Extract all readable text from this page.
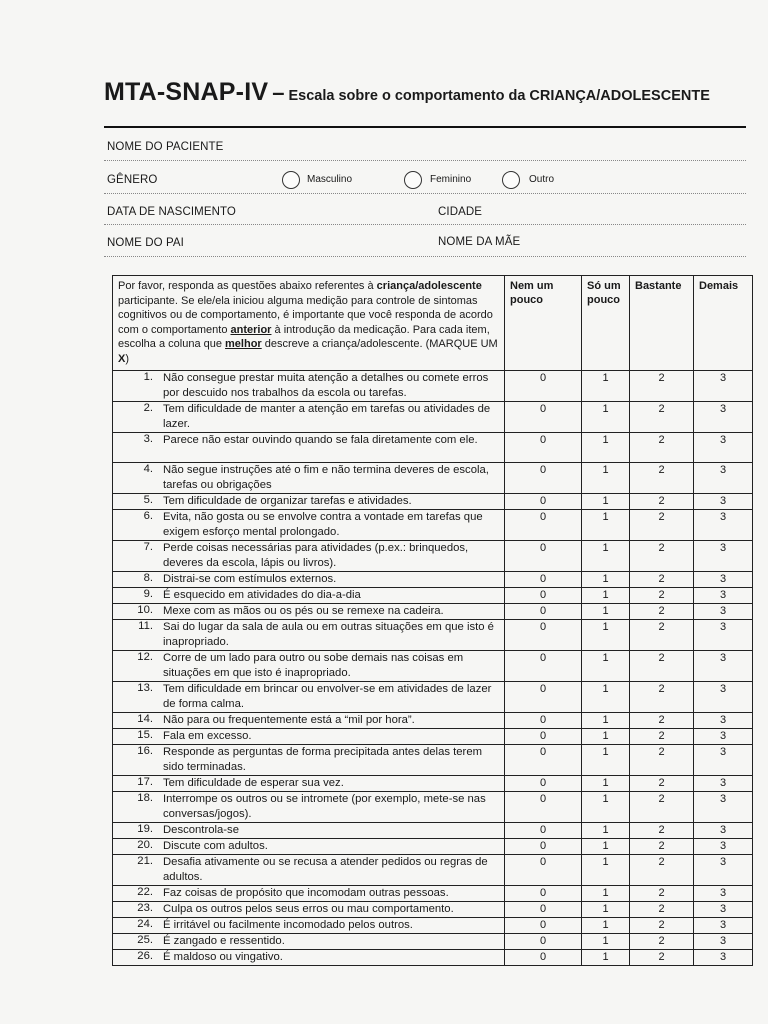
MTA-SNAP-IV – Escala sobre o comportamento da CRIANÇA/ADOLESCENTE
NOME DO PACIENTE
GÊNERO	Masculino	Feminino	Outro
DATA DE NASCIMENTO	CIDADE
NOME DO PAI	NOME DA MÃE
Por favor, responda as questões abaixo referentes à criança/adolescente participante. Se ele/ela iniciou alguma medição para controle de sintomas cognitivos ou de comportamento, é importante que você responda de acordo com o comportamento anterior à introdução da medicação. Para cada item, escolha a coluna que melhor descreve a criança/adolescente. (MARQUE UM X)	Nem um pouco	Só um pouco	Bastante	Demais
1. Não consegue prestar muita atenção a detalhes ou comete erros por descuido nos trabalhos da escola ou tarefas.	0	1	2	3
2. Tem dificuldade de manter a atenção em tarefas ou atividades de lazer.	0	1	2	3
3. Parece não estar ouvindo quando se fala diretamente com ele.	0	1	2	3
4. Não segue instruções até o fim e não termina deveres de escola, tarefas ou obrigações	0	1	2	3
5. Tem dificuldade de organizar tarefas e atividades.	0	1	2	3
6. Evita, não gosta ou se envolve contra a vontade em tarefas que exigem esforço mental prolongado.	0	1	2	3
7. Perde coisas necessárias para atividades (p.ex.: brinquedos, deveres da escola, lápis ou livros).	0	1	2	3
8. Distrai-se com estímulos externos.	0	1	2	3
9. É esquecido em atividades do dia-a-dia	0	1	2	3
10. Mexe com as mãos ou os pés ou se remexe na cadeira.	0	1	2	3
11. Sai do lugar da sala de aula ou em outras situações em que isto é inapropriado.	0	1	2	3
12. Corre de um lado para outro ou sobe demais nas coisas em situações em que isto é inapropriado.	0	1	2	3
13. Tem dificuldade em brincar ou envolver-se em atividades de lazer de forma calma.	0	1	2	3
14. Não para ou frequentemente está a “mil por hora”.	0	1	2	3
15. Fala em excesso.	0	1	2	3
16. Responde as perguntas de forma precipitada antes delas terem sido terminadas.	0	1	2	3
17. Tem dificuldade de esperar sua vez.	0	1	2	3
18. Interrompe os outros ou se intromete (por exemplo, mete-se nas conversas/jogos).	0	1	2	3
19. Descontrola-se	0	1	2	3
20. Discute com adultos.	0	1	2	3
21. Desafia ativamente ou se recusa a atender pedidos ou regras de adultos.	0	1	2	3
22. Faz coisas de propósito que incomodam outras pessoas.	0	1	2	3
23. Culpa os outros pelos seus erros ou mau comportamento.	0	1	2	3
24. É irritável ou facilmente incomodado pelos outros.	0	1	2	3
25. É zangado e ressentido.	0	1	2	3
26. É maldoso ou vingativo.	0	1	2	3
